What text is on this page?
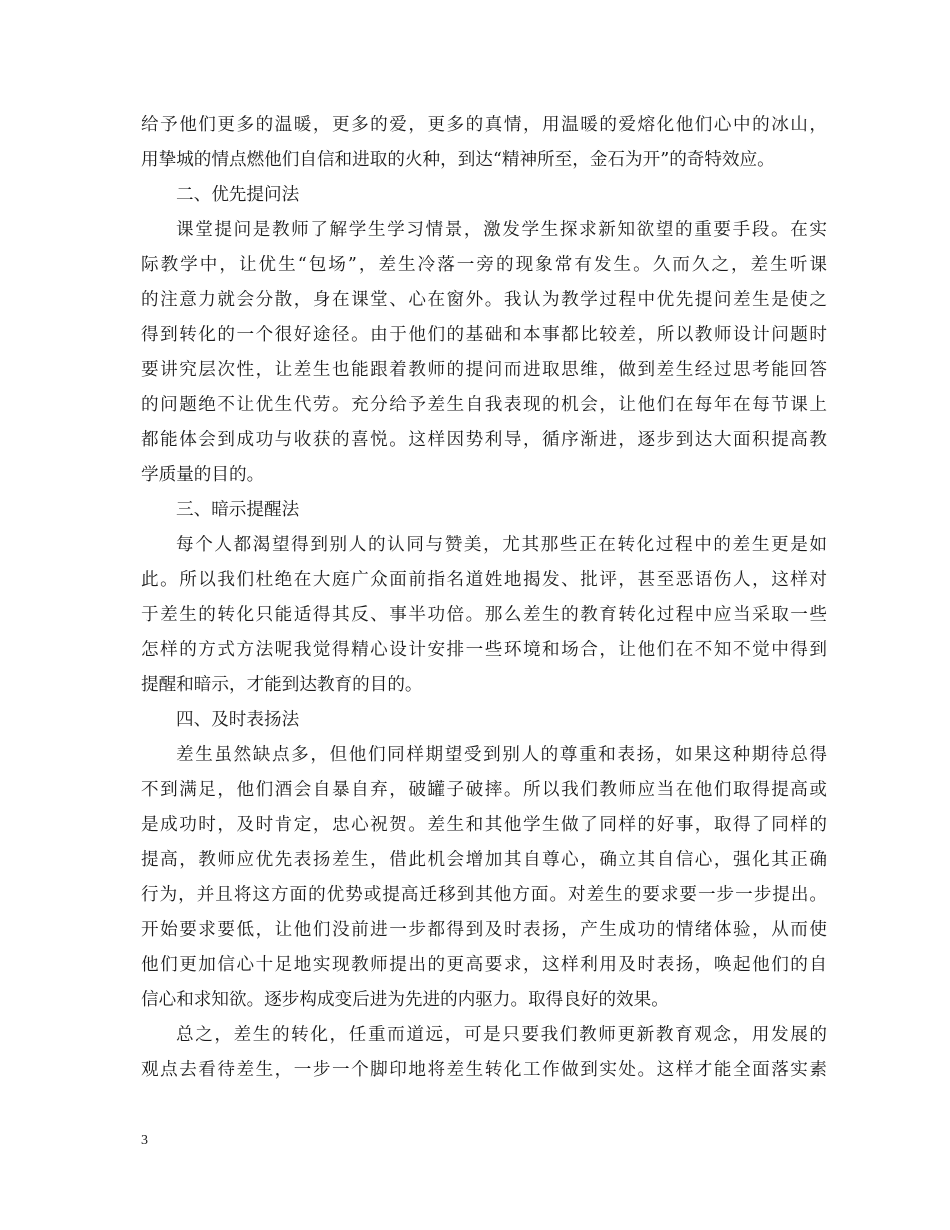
给予他们更多的温暖，更多的爱，更多的真情，用温暖的爱熔化他们心中的冰山，
用挚城的情点燃他们自信和进取的火种，到达“精神所至，金石为开”的奇特效应。
二、优先提问法
课堂提问是教师了解学生学习情景，激发学生探求新知欲望的重要手段。在实
际教学中，让优生“包场”，差生冷落一旁的现象常有发生。久而久之，差生听课
的注意力就会分散，身在课堂、心在窗外。我认为教学过程中优先提问差生是使之
得到转化的一个很好途径。由于他们的基础和本事都比较差，所以教师设计问题时
要讲究层次性，让差生也能跟着教师的提问而进取思维，做到差生经过思考能回答
的问题绝不让优生代劳。充分给予差生自我表现的机会，让他们在每年在每节课上
都能体会到成功与收获的喜悦。这样因势利导，循序渐进，逐步到达大面积提高教
学质量的目的。
三、暗示提醒法
每个人都渴望得到别人的认同与赞美，尤其那些正在转化过程中的差生更是如
此。所以我们杜绝在大庭广众面前指名道姓地揭发、批评，甚至恶语伤人，这样对
于差生的转化只能适得其反、事半功倍。那么差生的教育转化过程中应当采取一些
怎样的方式方法呢我觉得精心设计安排一些环境和场合，让他们在不知不觉中得到
提醒和暗示，才能到达教育的目的。
四、及时表扬法
差生虽然缺点多，但他们同样期望受到别人的尊重和表扬，如果这种期待总得
不到满足，他们酒会自暴自弃，破罐子破摔。所以我们教师应当在他们取得提高或
是成功时，及时肯定，忠心祝贺。差生和其他学生做了同样的好事，取得了同样的
提高，教师应优先表扬差生，借此机会增加其自尊心，确立其自信心，强化其正确
行为，并且将这方面的优势或提高迁移到其他方面。对差生的要求要一步一步提出。
开始要求要低，让他们没前进一步都得到及时表扬，产生成功的情绪体验，从而使
他们更加信心十足地实现教师提出的更高要求，这样利用及时表扬，唤起他们的自
信心和求知欲。逐步构成变后进为先进的内驱力。取得良好的效果。
总之，差生的转化，任重而道远，可是只要我们教师更新教育观念，用发展的
观点去看待差生，一步一个脚印地将差生转化工作做到实处。这样才能全面落实素
3
